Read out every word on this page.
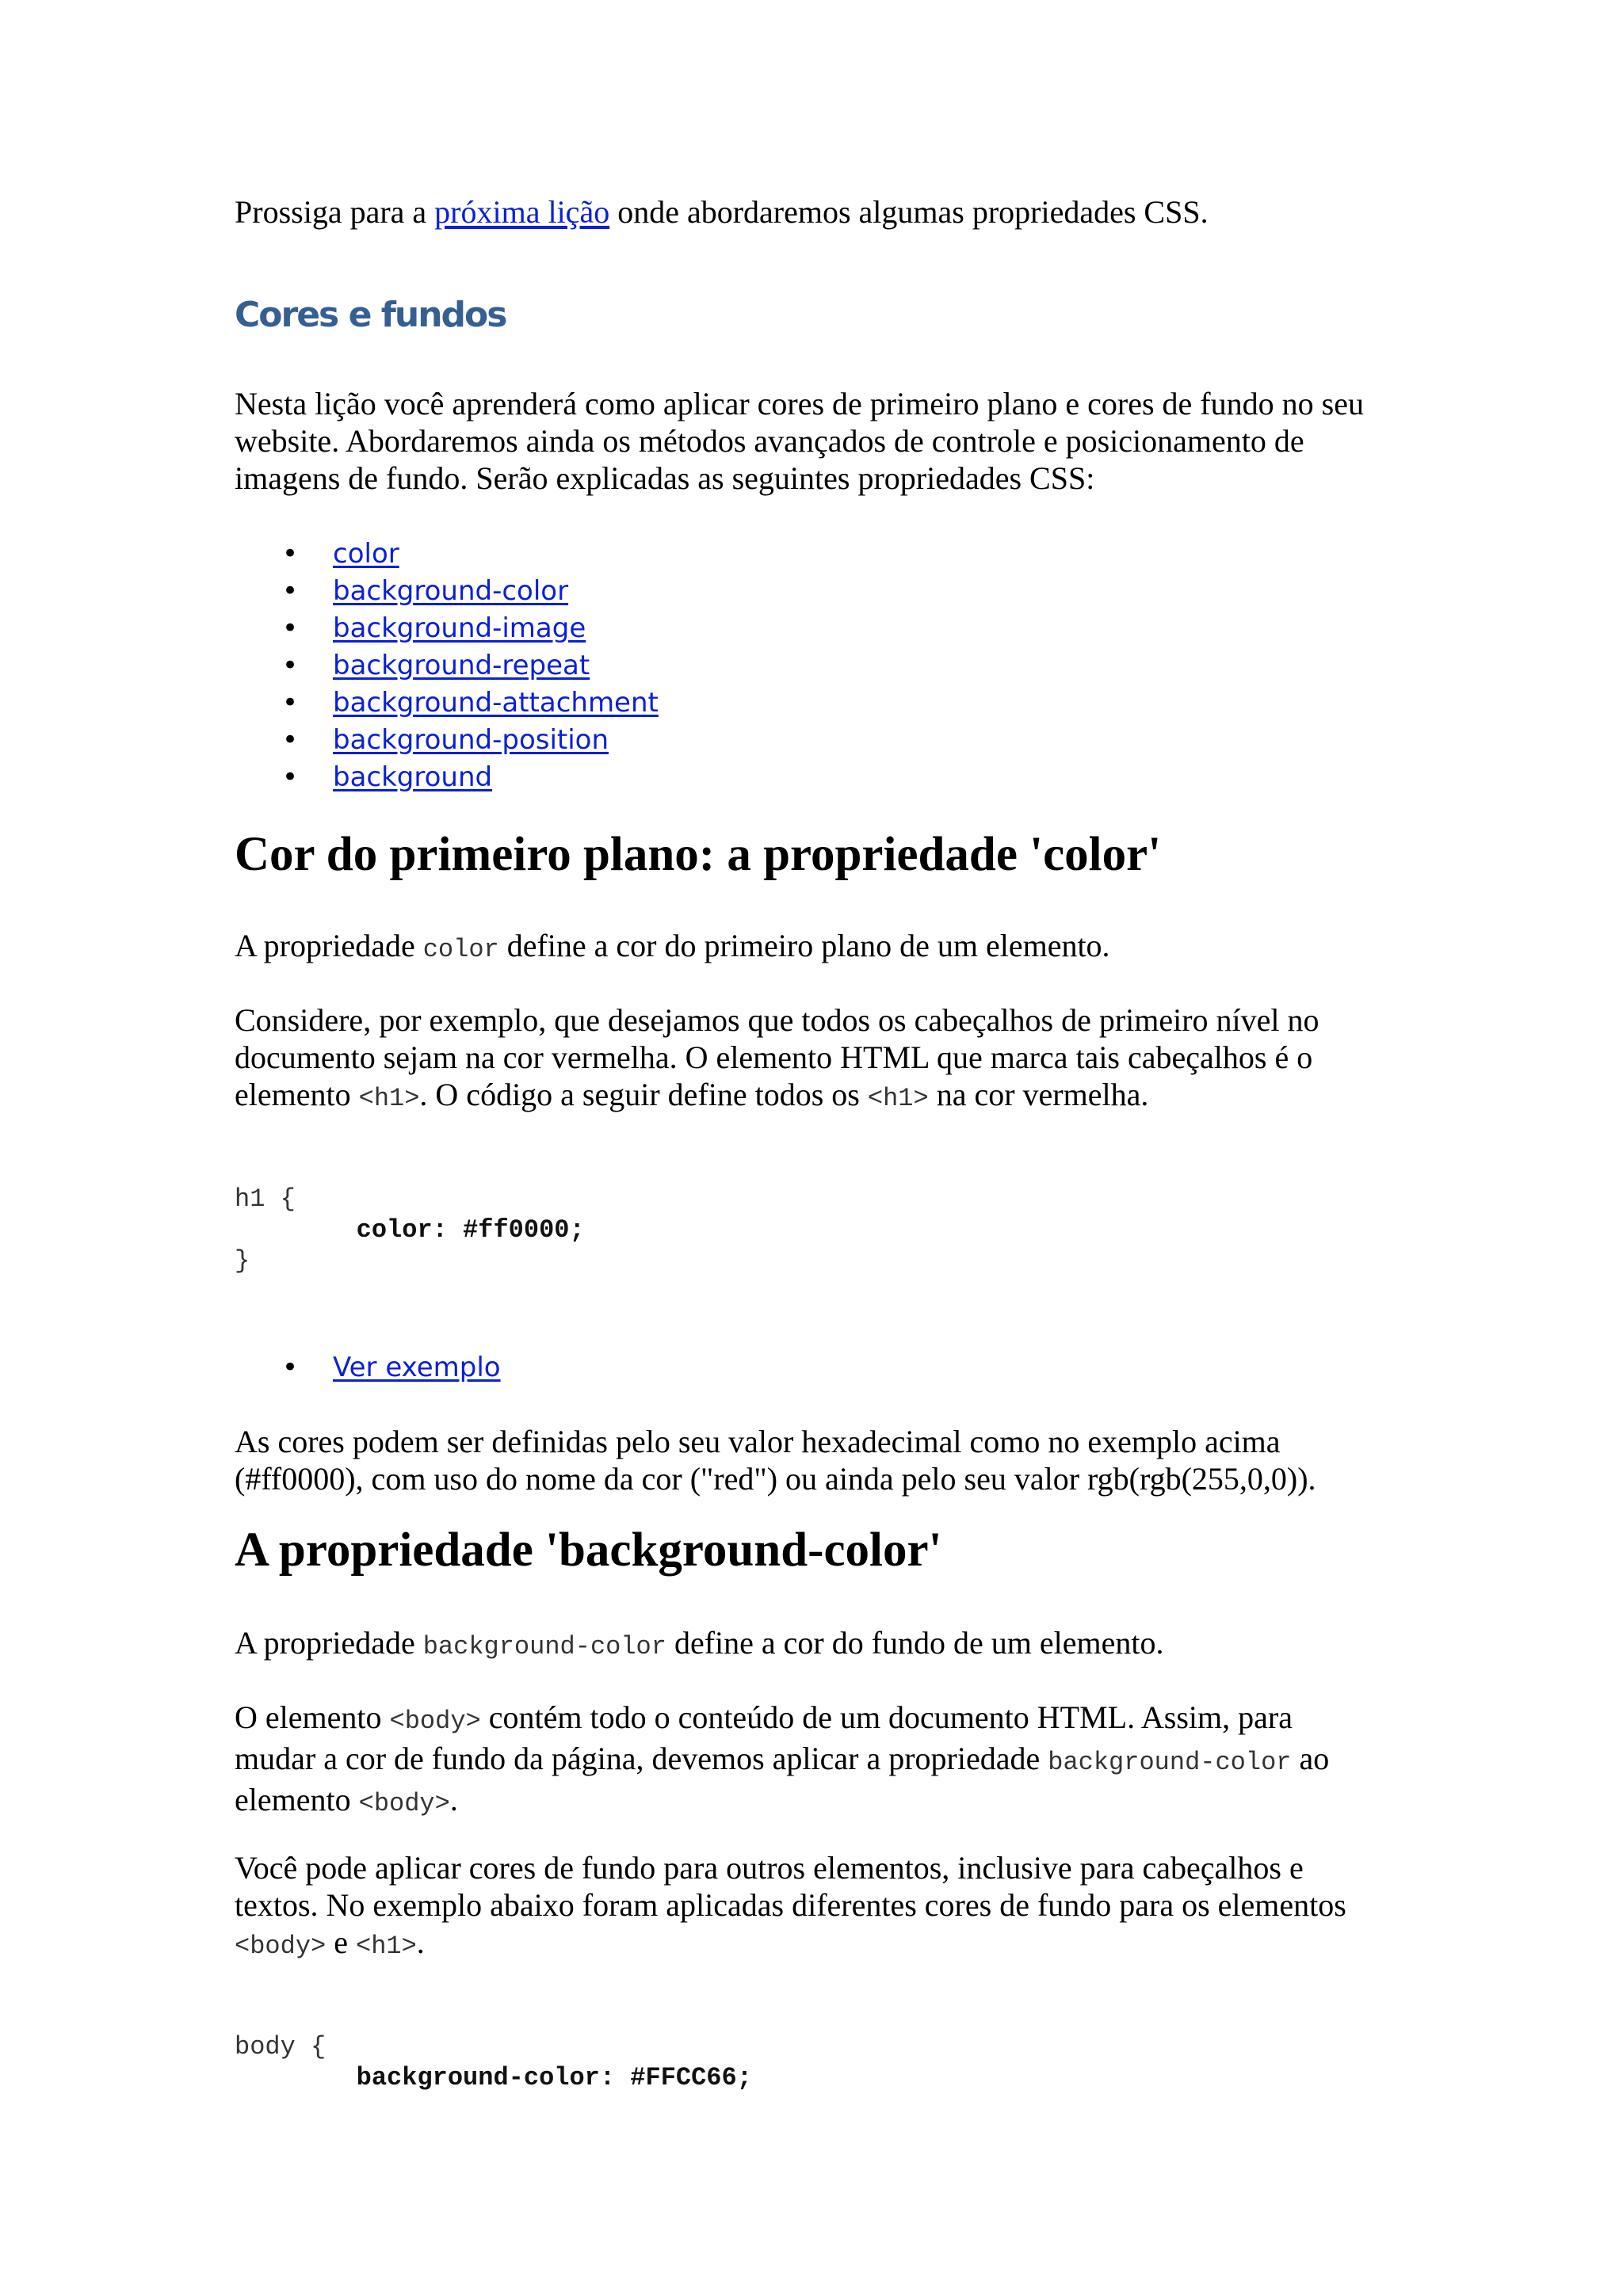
Prossiga para a próxima lição onde abordaremos algumas propriedades CSS.

Cores e fundos

Nesta lição você aprenderá como aplicar cores de primeiro plano e cores de fundo no seu
website. Abordaremos ainda os métodos avançados de controle e posicionamento de
imagens de fundo. Serão explicadas as seguintes propriedades CSS:

• color
• background-color
• background-image
• background-repeat
• background-attachment
• background-position
• background
Cor do primeiro plano: a propriedade 'color'

A propriedade color define a cor do primeiro plano de um elemento.

Considere, por exemplo, que desejamos que todos os cabeçalhos de primeiro nível no
documento sejam na cor vermelha. O elemento HTML que marca tais cabeçalhos é o
elemento <h1>. O código a seguir define todos os <h1> na cor vermelha.

h1 {
color: #ff0000;
}
• Ver exemplo

As cores podem ser definidas pelo seu valor hexadecimal como no exemplo acima
(#ff0000), com uso do nome da cor ("red") ou ainda pelo seu valor rgb(rgb(255,0,0)).

A propriedade 'background-color'

A propriedade background-color define a cor do fundo de um elemento.

O elemento <body> contém todo o conteúdo de um documento HTML. Assim, para
mudar a cor de fundo da página, devemos aplicar a propriedade background-color ao
elemento <body>.

Você pode aplicar cores de fundo para outros elementos, inclusive para cabeçalhos e
textos. No exemplo abaixo foram aplicadas diferentes cores de fundo para os elementos
<body> e <h1>.

body {
background-color: #FFCC66;
